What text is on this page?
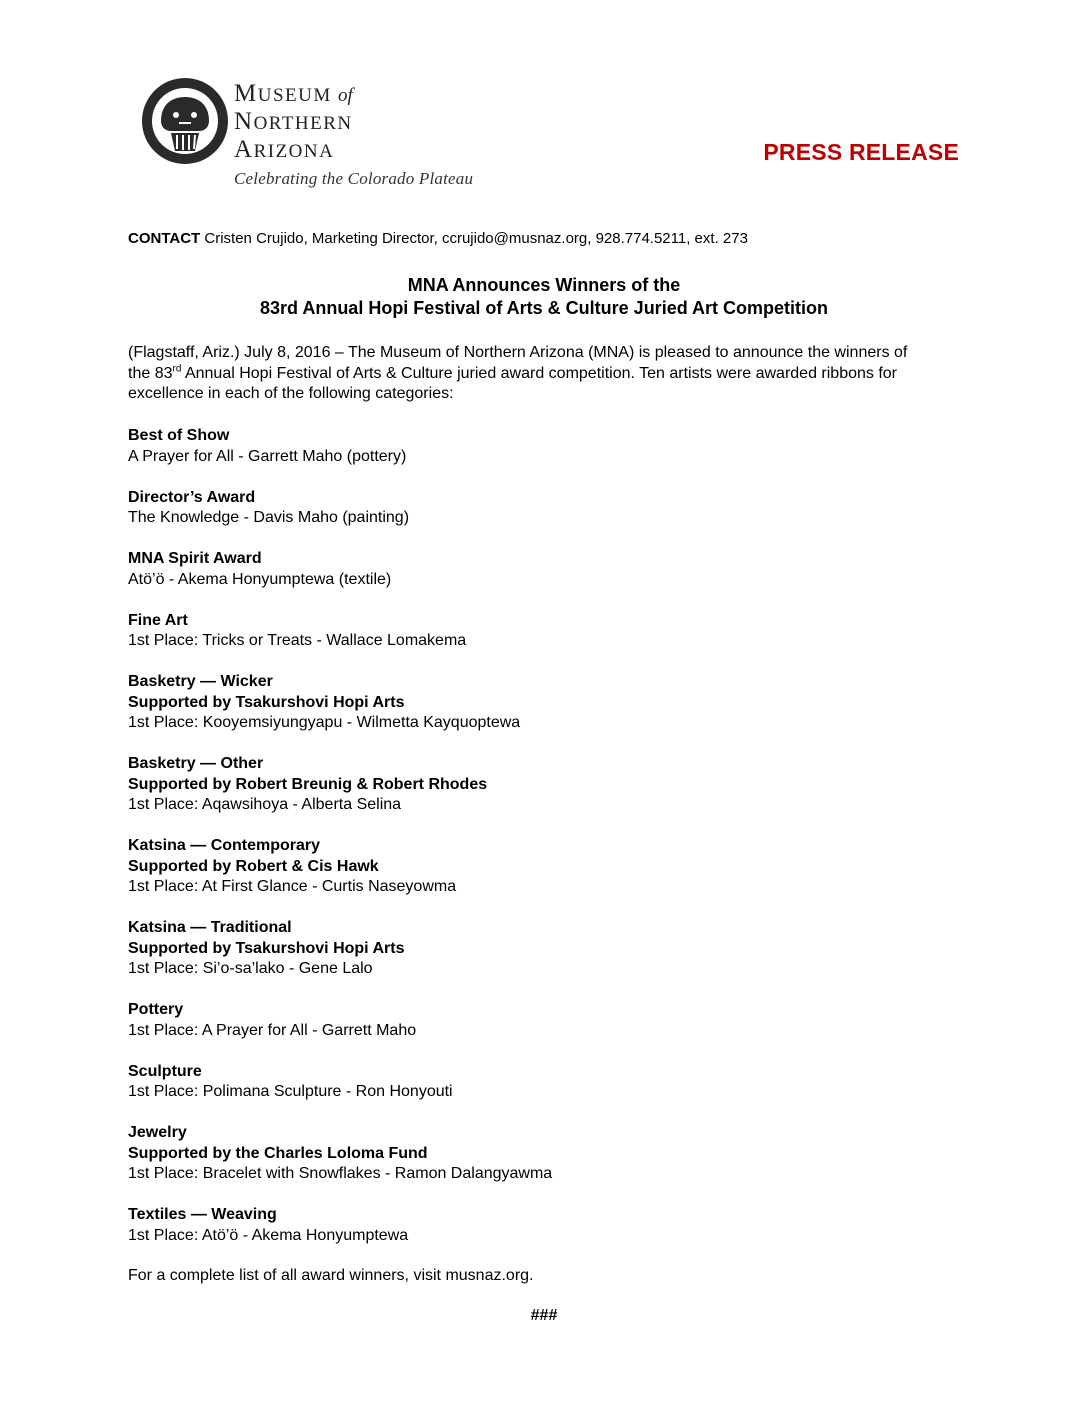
MUSEUM of
NORTHERN
ARIZONA
Celebrating the Colorado Plateau
PRESS RELEASE
CONTACT Cristen Crujido, Marketing Director, ccrujido@musnaz.org, 928.774.5211, ext. 273
MNA Announces Winners of the
83rd Annual Hopi Festival of Arts & Culture Juried Art Competition
(Flagstaff, Ariz.) July 8, 2016 – The Museum of Northern Arizona (MNA) is pleased to announce the winners of the 83rd Annual Hopi Festival of Arts & Culture juried award competition. Ten artists were awarded ribbons for excellence in each of the following categories:
Best of Show
A Prayer for All - Garrett Maho (pottery)
Director’s Award
The Knowledge - Davis Maho (painting)
MNA Spirit Award
Atö’ö - Akema Honyumptewa (textile)
Fine Art
1st Place: Tricks or Treats - Wallace Lomakema
Basketry — Wicker
Supported by Tsakurshovi Hopi Arts
1st Place: Kooyemsiyungyapu - Wilmetta Kayquoptewa
Basketry — Other
Supported by Robert Breunig & Robert Rhodes
1st Place: Aqawsihoya - Alberta Selina
Katsina — Contemporary
Supported by Robert & Cis Hawk
1st Place: At First Glance - Curtis Naseyowma
Katsina — Traditional
Supported by Tsakurshovi Hopi Arts
1st Place: Si’o-sa’lako - Gene Lalo
Pottery
1st Place: A Prayer for All - Garrett Maho
Sculpture
1st Place: Polimana Sculpture - Ron Honyouti
Jewelry
Supported by the Charles Loloma Fund
1st Place: Bracelet with Snowflakes - Ramon Dalangyawma
Textiles — Weaving
1st Place: Atö’ö - Akema Honyumptewa
For a complete list of all award winners, visit musnaz.org.
###
